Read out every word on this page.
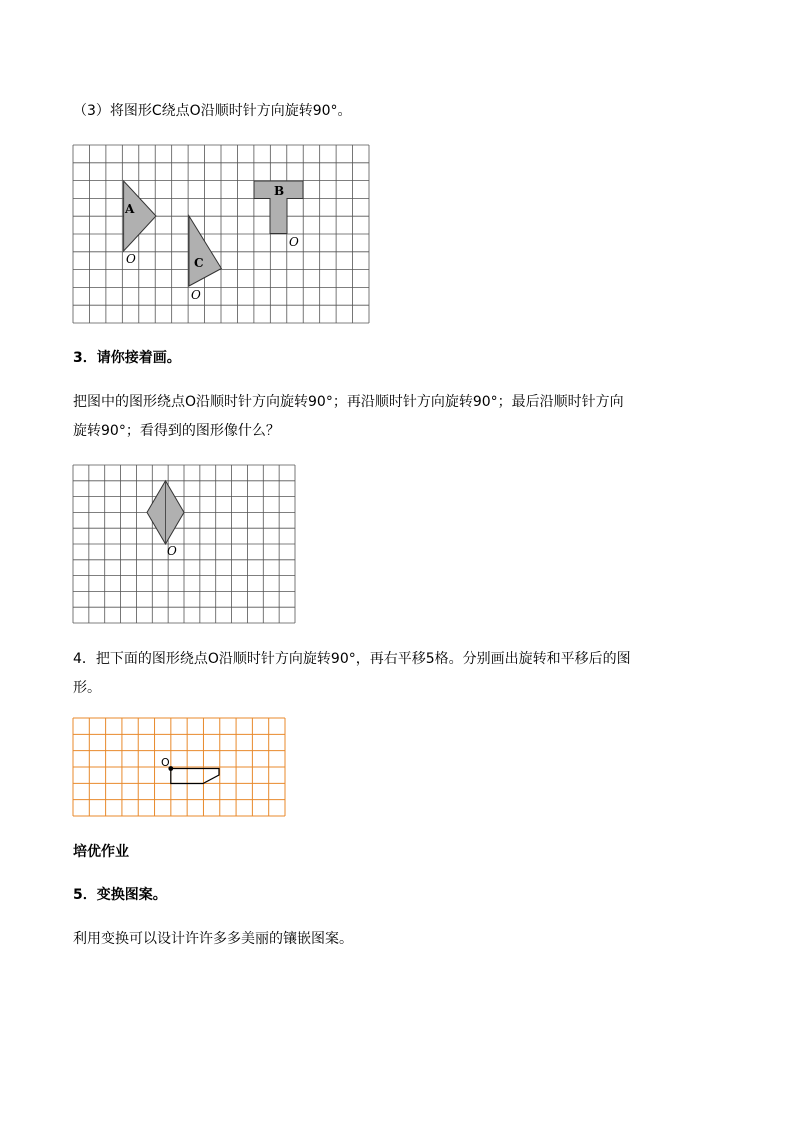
（3）将图形C绕点O沿顺时针方向旋转90°。
A
B
C
O
O
O
3．请你接着画。
把图中的图形绕点O沿顺时针方向旋转90°；再沿顺时针方向旋转90°；最后沿顺时针方向
旋转90°；看得到的图形像什么？
O
4．把下面的图形绕点O沿顺时针方向旋转90°，再右平移5格。分别画出旋转和平移后的图
形。
O
培优作业
5．变换图案。
利用变换可以设计许许多多美丽的镶嵌图案。
